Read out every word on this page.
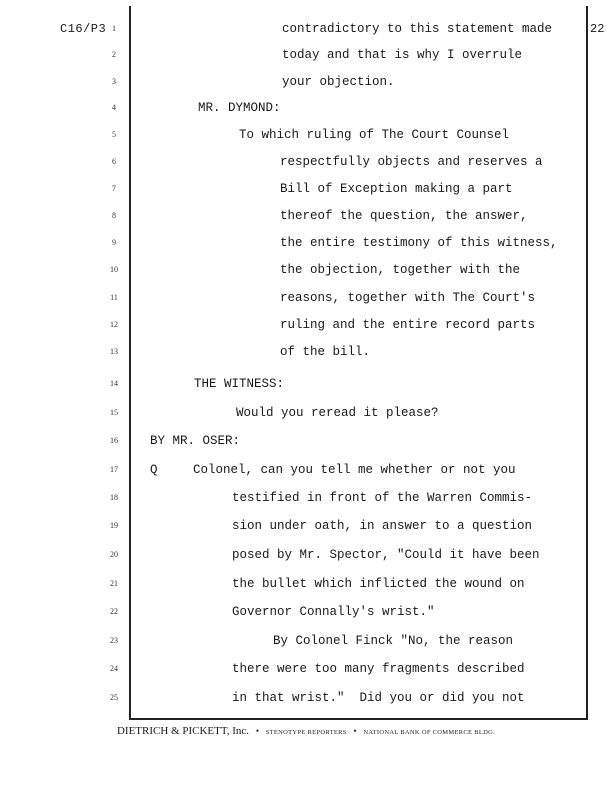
C16/P3	22
1	contradictory to this statement made
2	today and that is why I overrule
3	your objection.
4	MR. DYMOND:
5	To which ruling of The Court Counsel
6	respectfully objects and reserves a
7	Bill of Exception making a part
8	thereof the question, the answer,
9	the entire testimony of this witness,
10	the objection, together with the
11	reasons, together with The Court's
12	ruling and the entire record parts
13	of the bill.
14	THE WITNESS:
15	Would you reread it please?
16	BY MR. OSER:
17	Q	Colonel, can you tell me whether or not you
18	testified in front of the Warren Commis-
19	sion under oath, in answer to a question
20	posed by Mr. Spector, "Could it have been
21	the bullet which inflicted the wound on
22	Governor Connally's wrist."
23	By Colonel Finck "No, the reason
24	there were too many fragments described
25	in that wrist."  Did you or did you not
DIETRICH & PICKETT, Inc. • STENOTYPE REPORTERS • NATIONAL BANK OF COMMERCE BLDG.
